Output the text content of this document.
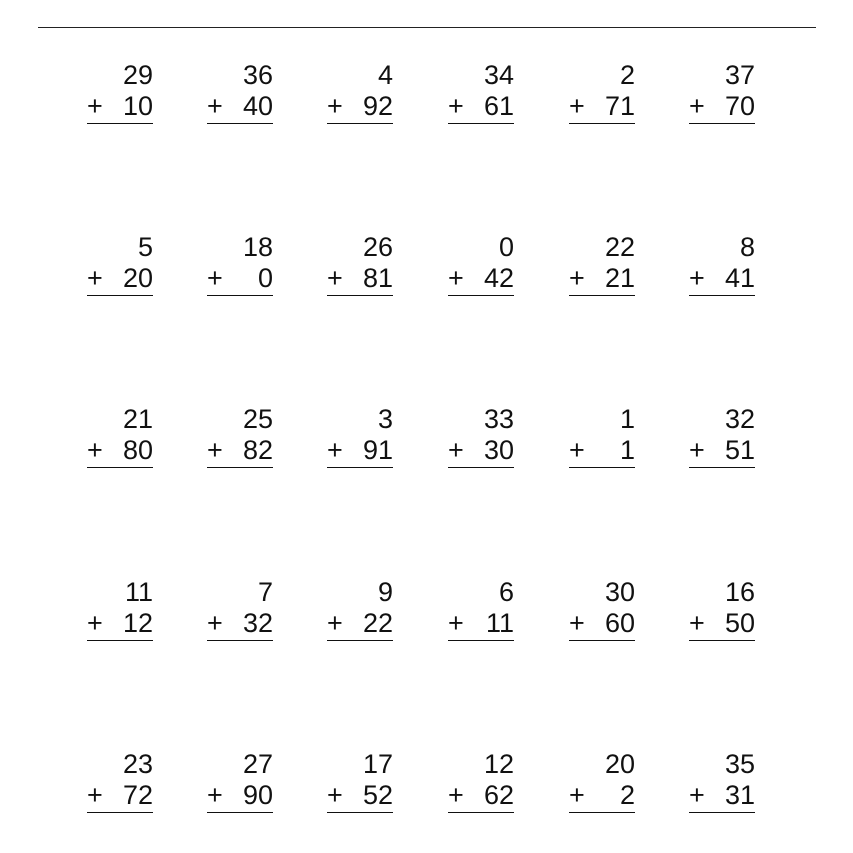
29
+ 10
36
+ 40
4
+ 92
34
+ 61
2
+ 71
37
+ 70
5
+ 20
18
+ 0
26
+ 81
0
+ 42
22
+ 21
8
+ 41
21
+ 80
25
+ 82
3
+ 91
33
+ 30
1
+ 1
32
+ 51
11
+ 12
7
+ 32
9
+ 22
6
+ 11
30
+ 60
16
+ 50
23
+ 72
27
+ 90
17
+ 52
12
+ 62
20
+ 2
35
+ 31
